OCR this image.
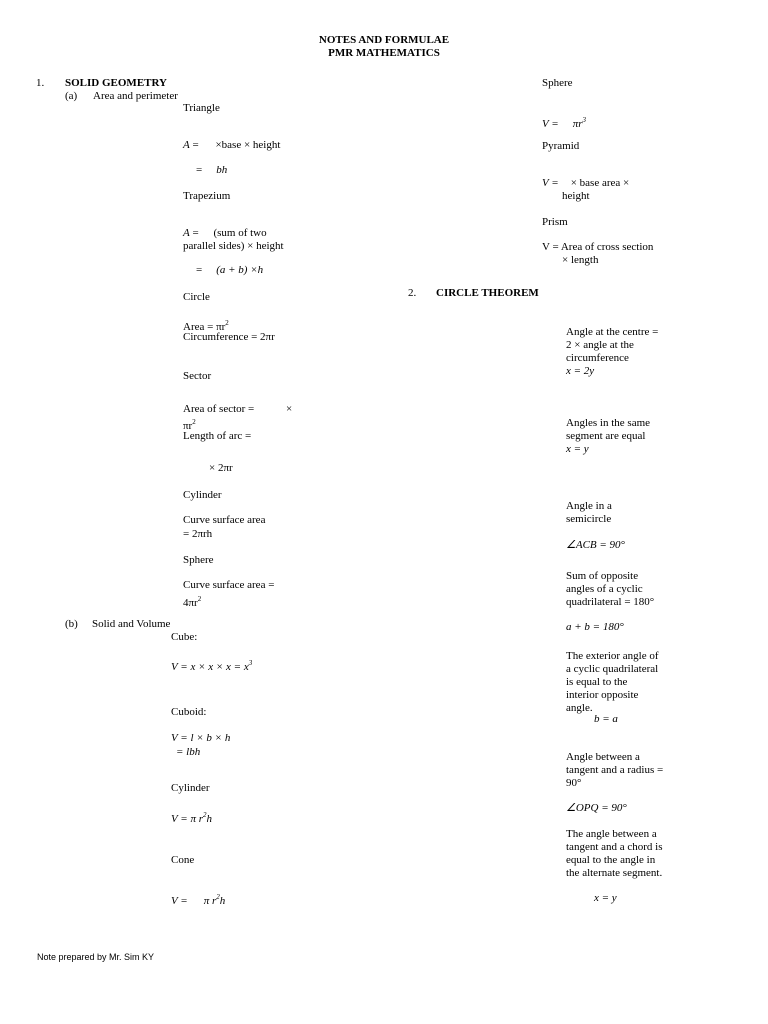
NOTES AND FORMULAE
PMR MATHEMATICS
1. SOLID GEOMETRY
(a) Area and perimeter
Triangle
A = ×base × height
= bh
Trapezium
A = (sum of two
parallel sides) × height
= (a + b) ×h
Circle
Area = $\pi r^2$
Circumference = 2πr
Sector
Area of sector =	×
$\pi r^2$
Length of arc =
× 2πr
Cylinder
Curve surface area
= 2πrh
Sphere
Curve surface area =
$4\pi r^2$
(b) Solid and Volume
Cube:
$V = x \times x \times x = x^3$
Cuboid:
V = l × b × h
= lbh
Cylinder
V = π $r^2h$
Cone
V = π $r^2h$
Sphere
$V = \pi r^3$
Pyramid
V = × base area ×
height
Prism
V = Area of cross section
× length
2. CIRCLE THEOREM
Angle at the centre = 2 × angle at the circumference
x = 2y
Angles in the same segment are equal
x = y
Angle in a semicircle
∠ACB = 90°
Sum of opposite angles of a cyclic quadrilateral = 180°
a + b = 180°
The exterior angle of a cyclic quadrilateral is equal to the interior opposite angle.
b = a
Angle between a tangent and a radius = 90°
∠OPQ = 90°
The angle between a tangent and a chord is equal to the angle in the alternate segment.
x = y
Note prepared by Mr. Sim KY
